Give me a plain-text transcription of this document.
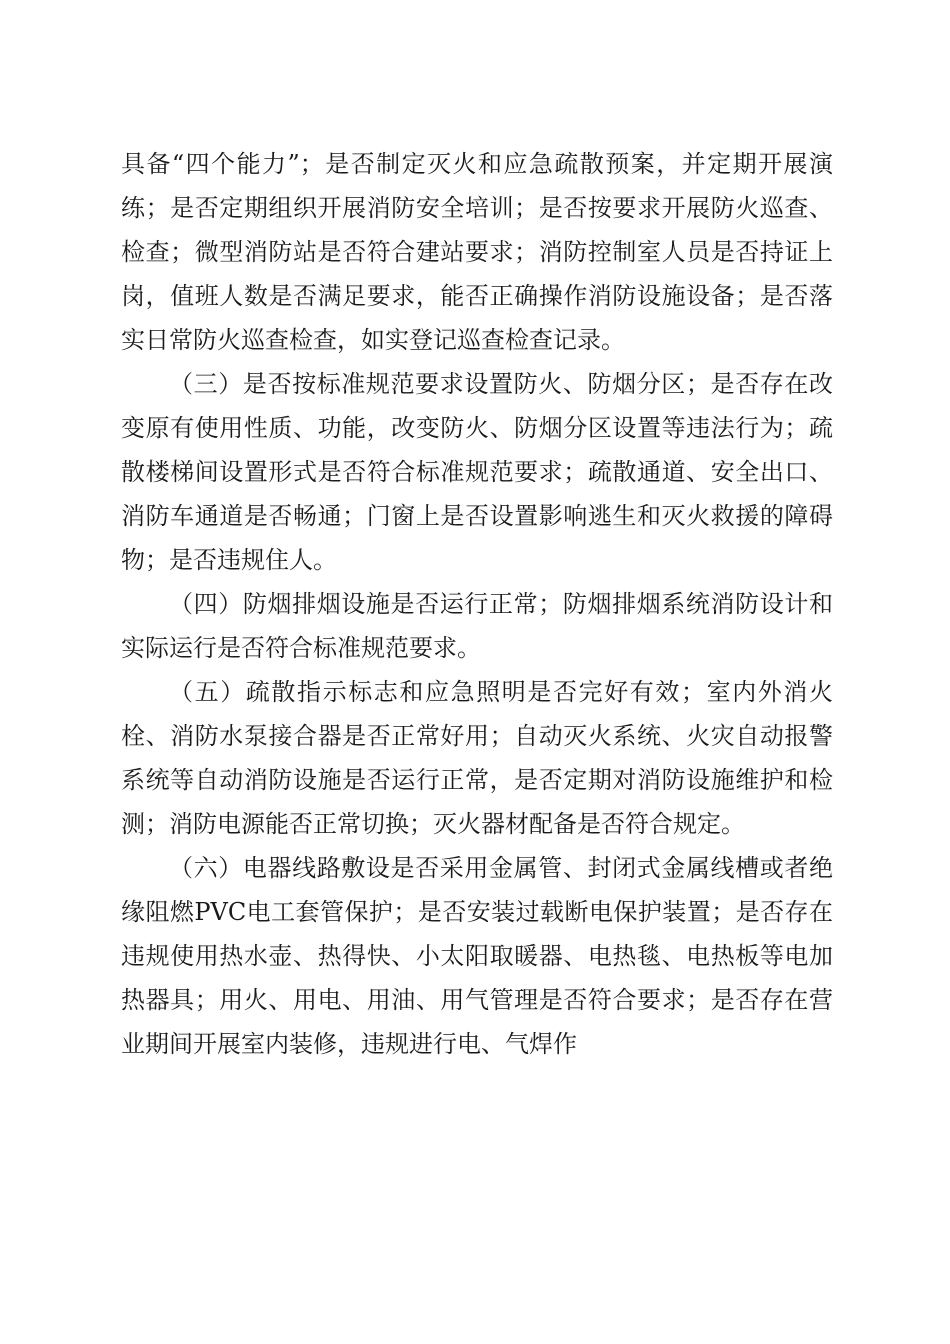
具备“四个能力”；是否制定灭火和应急疏散预案，并定期开展演练；是否定期组织开展消防安全培训；是否按要求开展防火巡查、检查；微型消防站是否符合建站要求；消防控制室人员是否持证上岗，值班人数是否满足要求，能否正确操作消防设施设备；是否落实日常防火巡查检查，如实登记巡查检查记录。

（三）是否按标准规范要求设置防火、防烟分区；是否存在改变原有使用性质、功能，改变防火、防烟分区设置等违法行为；疏散楼梯间设置形式是否符合标准规范要求；疏散通道、安全出口、消防车通道是否畅通；门窗上是否设置影响逃生和灭火救援的障碍物；是否违规住人。

（四）防烟排烟设施是否运行正常；防烟排烟系统消防设计和实际运行是否符合标准规范要求。

（五）疏散指示标志和应急照明是否完好有效；室内外消火栓、消防水泵接合器是否正常好用；自动灭火系统、火灾自动报警系统等自动消防设施是否运行正常，是否定期对消防设施维护和检测；消防电源能否正常切换；灭火器材配备是否符合规定。

（六）电器线路敷设是否采用金属管、封闭式金属线槽或者绝缘阻燃PVC电工套管保护；是否安装过载断电保护装置；是否存在违规使用热水壶、热得快、小太阳取暖器、电热毯、电热板等电加热器具；用火、用电、用油、用气管理是否符合要求；是否存在营业期间开展室内装修，违规进行电、气焊作
